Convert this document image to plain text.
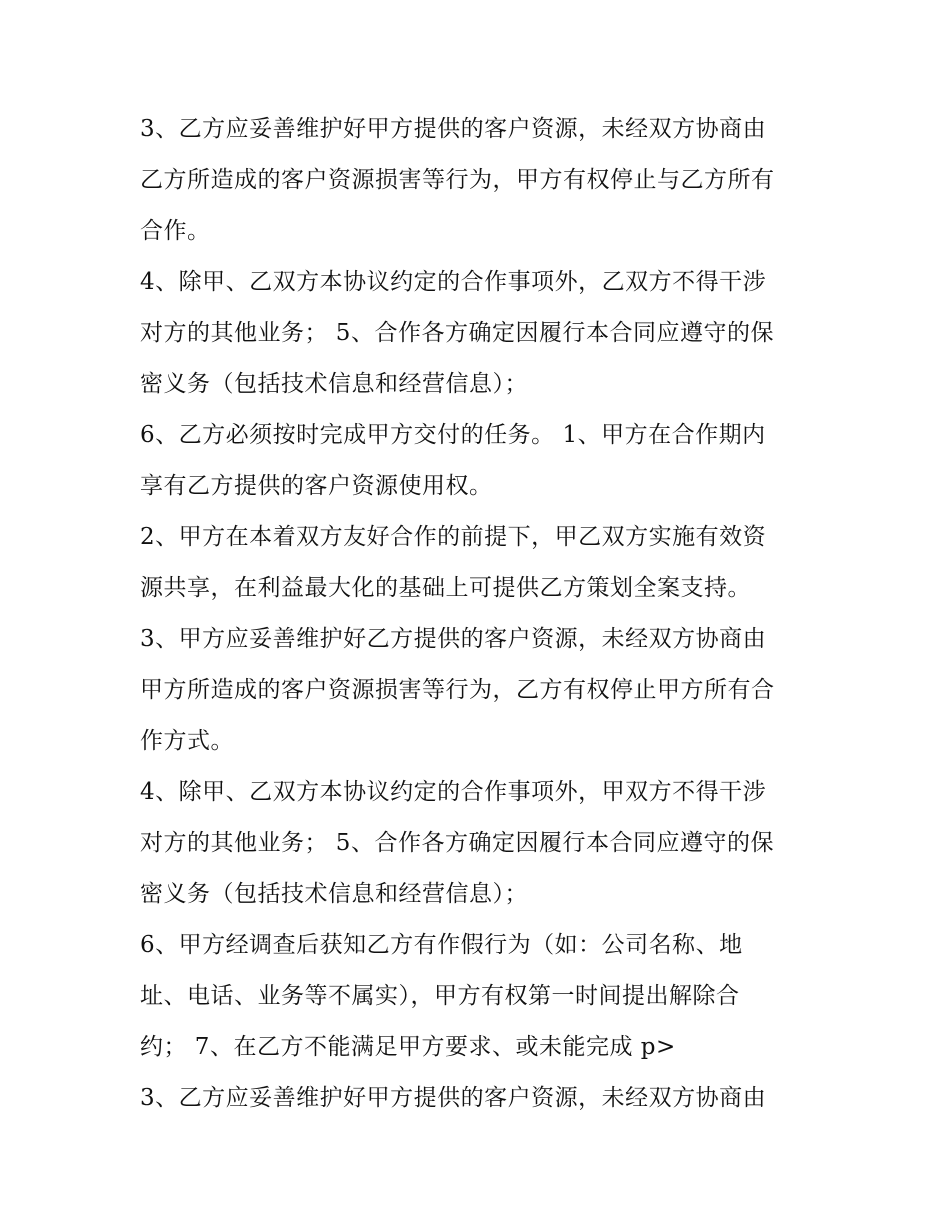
3、乙方应妥善维护好甲方提供的客户资源，未经双方协商由
乙方所造成的客户资源损害等行为，甲方有权停止与乙方所有
合作。
4、除甲、乙双方本协议约定的合作事项外，乙双方不得干涉
对方的其他业务； 5、合作各方确定因履行本合同应遵守的保
密义务（包括技术信息和经营信息）；
6、乙方必须按时完成甲方交付的任务。 1、甲方在合作期内
享有乙方提供的客户资源使用权。
2、甲方在本着双方友好合作的前提下，甲乙双方实施有效资
源共享，在利益最大化的基础上可提供乙方策划全案支持。
3、甲方应妥善维护好乙方提供的客户资源，未经双方协商由
甲方所造成的客户资源损害等行为，乙方有权停止甲方所有合
作方式。
4、除甲、乙双方本协议约定的合作事项外，甲双方不得干涉
对方的其他业务； 5、合作各方确定因履行本合同应遵守的保
密义务（包括技术信息和经营信息）；
6、甲方经调查后获知乙方有作假行为（如：公司名称、地
址、电话、业务等不属实），甲方有权第一时间提出解除合
约； 7、在乙方不能满足甲方要求、或未能完成 p>
3、乙方应妥善维护好甲方提供的客户资源，未经双方协商由
